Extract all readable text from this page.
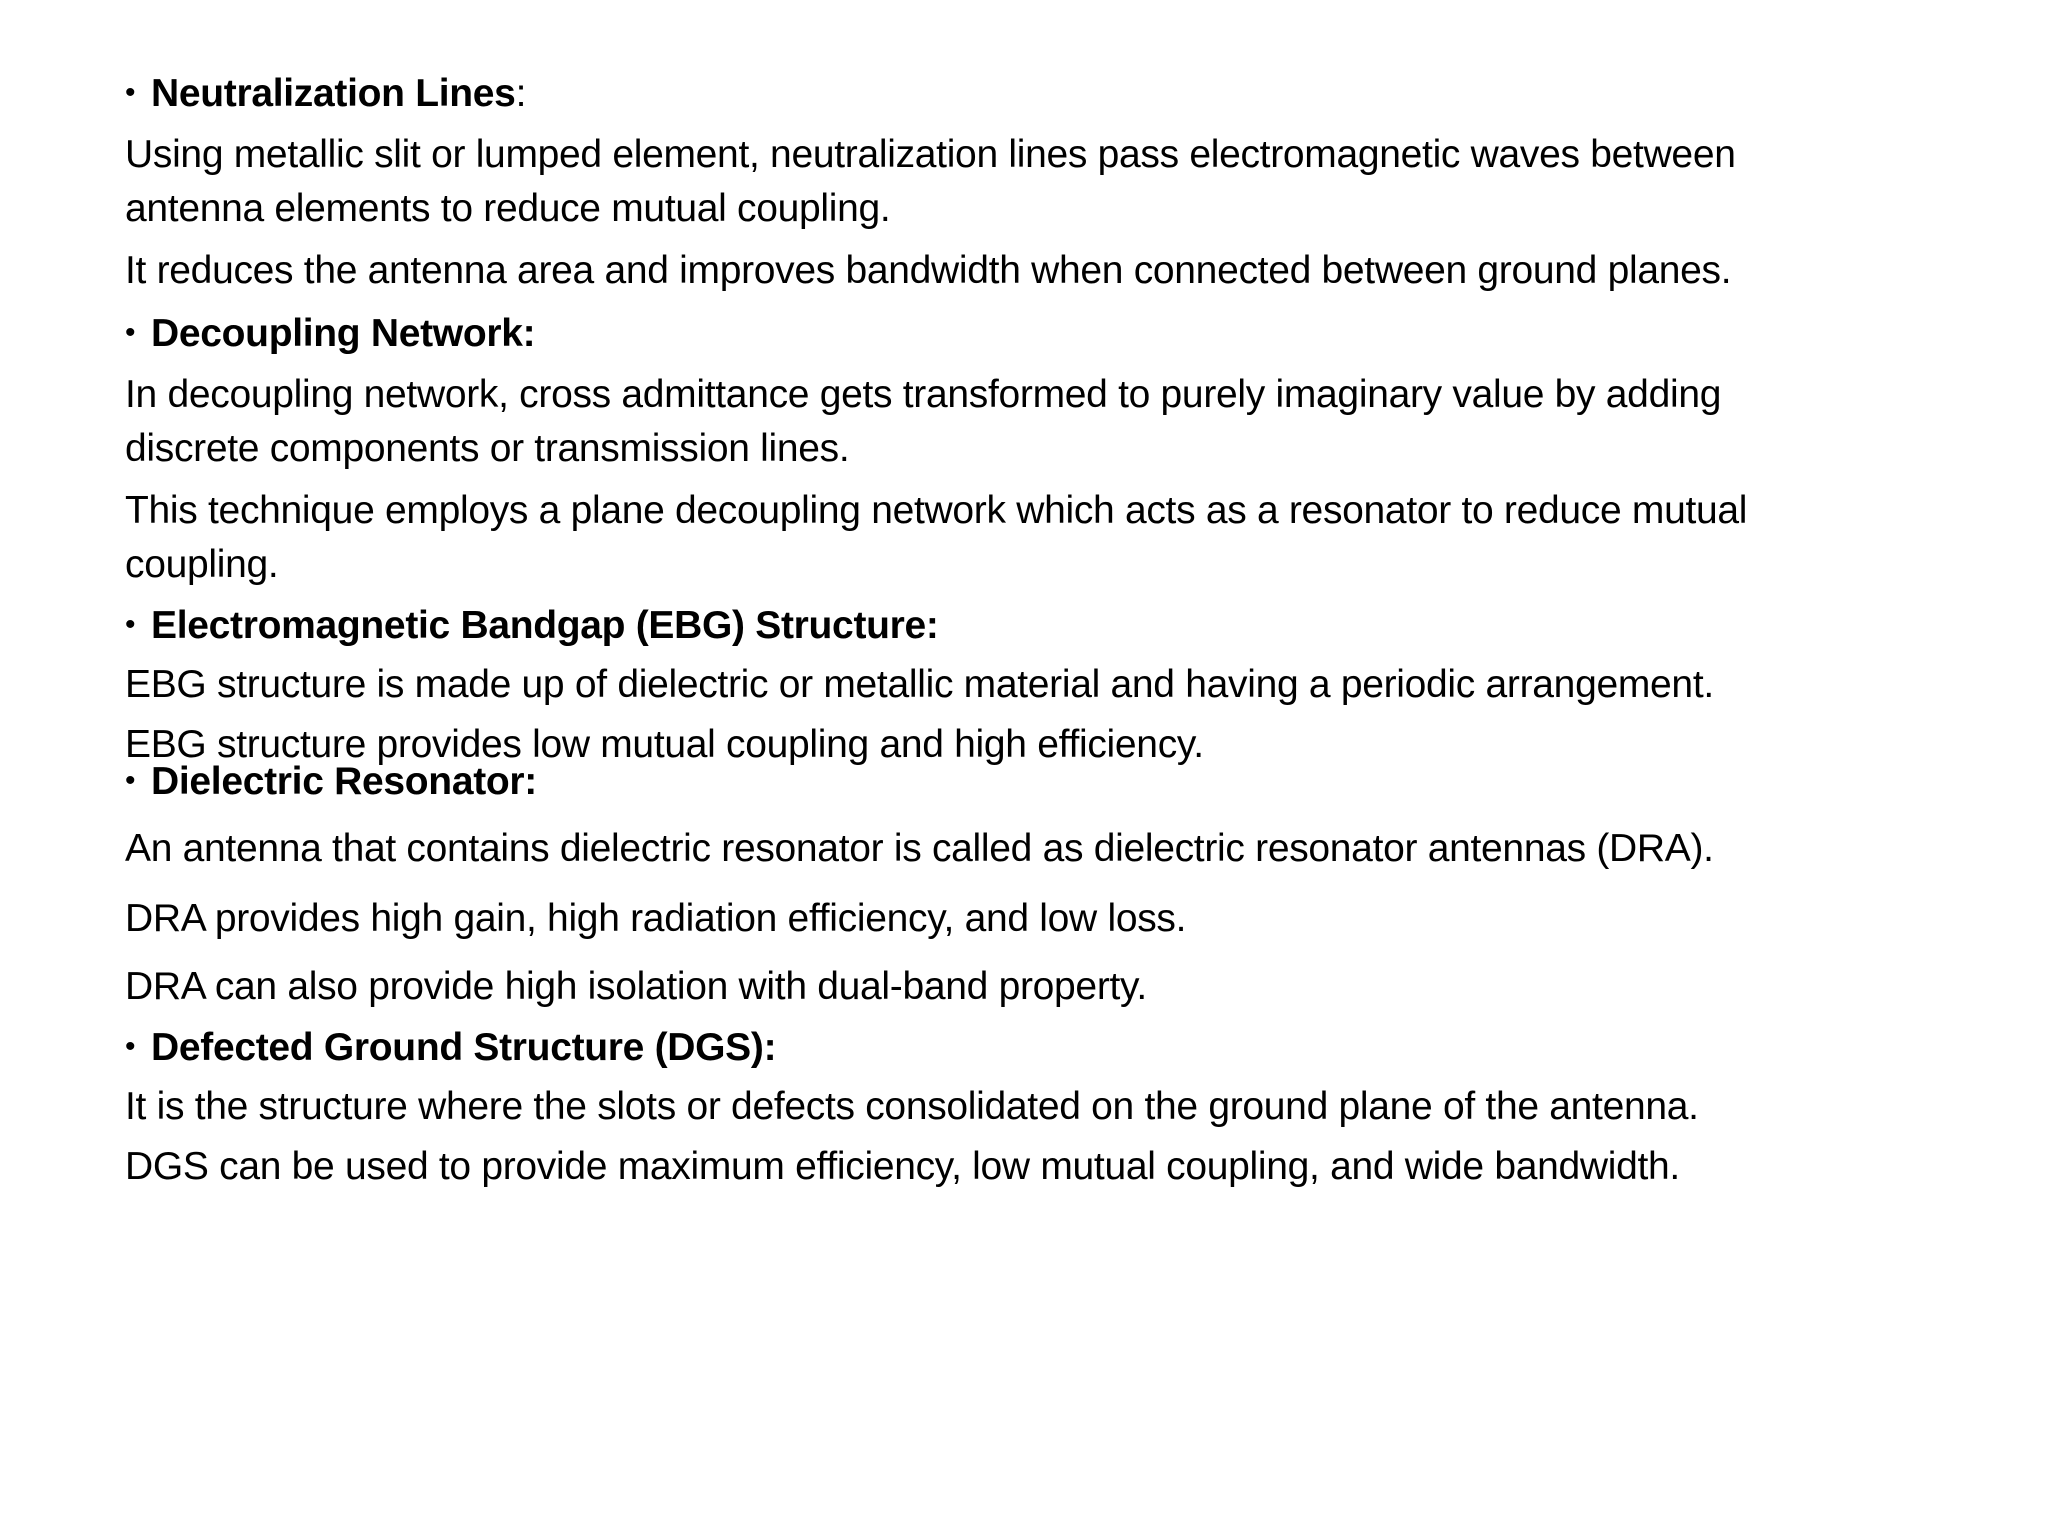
• Neutralization Lines:
Using metallic slit or lumped element, neutralization lines pass electromagnetic waves between
antenna elements to reduce mutual coupling.
It reduces the antenna area and improves bandwidth when connected between ground planes.
• Decoupling Network:
In decoupling network, cross admittance gets transformed to purely imaginary value by adding
discrete components or transmission lines.
This technique employs a plane decoupling network which acts as a resonator to reduce mutual
coupling.
• Electromagnetic Bandgap (EBG) Structure:
EBG structure is made up of dielectric or metallic material and having a periodic arrangement.
EBG structure provides low mutual coupling and high efficiency.
• Dielectric Resonator:
An antenna that contains dielectric resonator is called as dielectric resonator antennas (DRA).
DRA provides high gain, high radiation efficiency, and low loss.
DRA can also provide high isolation with dual-band property.
• Defected Ground Structure (DGS):
It is the structure where the slots or defects consolidated on the ground plane of the antenna.
DGS can be used to provide maximum efficiency, low mutual coupling, and wide bandwidth.
